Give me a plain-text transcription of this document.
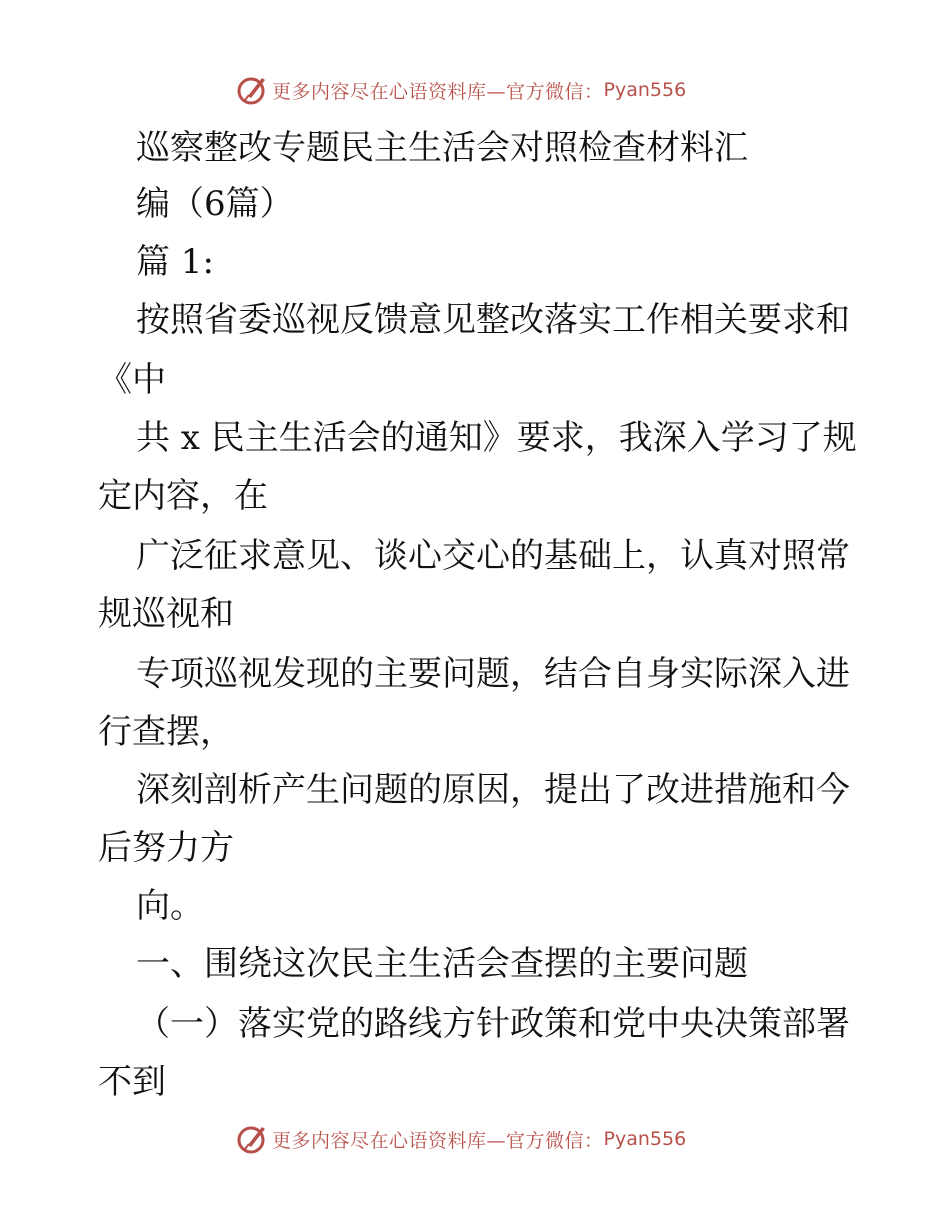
更多内容尽在心语资料库—官方微信： Pyan556
巡察整改专题民主生活会对照检查材料汇
编（6篇）
篇 1:
按照省委巡视反馈意见整改落实工作相关要求和
《中
共 x 民主生活会的通知》要求，我深入学习了规
定内容，在
广泛征求意见、谈心交心的基础上，认真对照常
规巡视和
专项巡视发现的主要问题，结合自身实际深入进
行查摆，
深刻剖析产生问题的原因，提出了改进措施和今
后努力方
向。
一、围绕这次民主生活会查摆的主要问题
（一）落实党的路线方针政策和党中央决策部署
不到
更多内容尽在心语资料库—官方微信： Pyan556
